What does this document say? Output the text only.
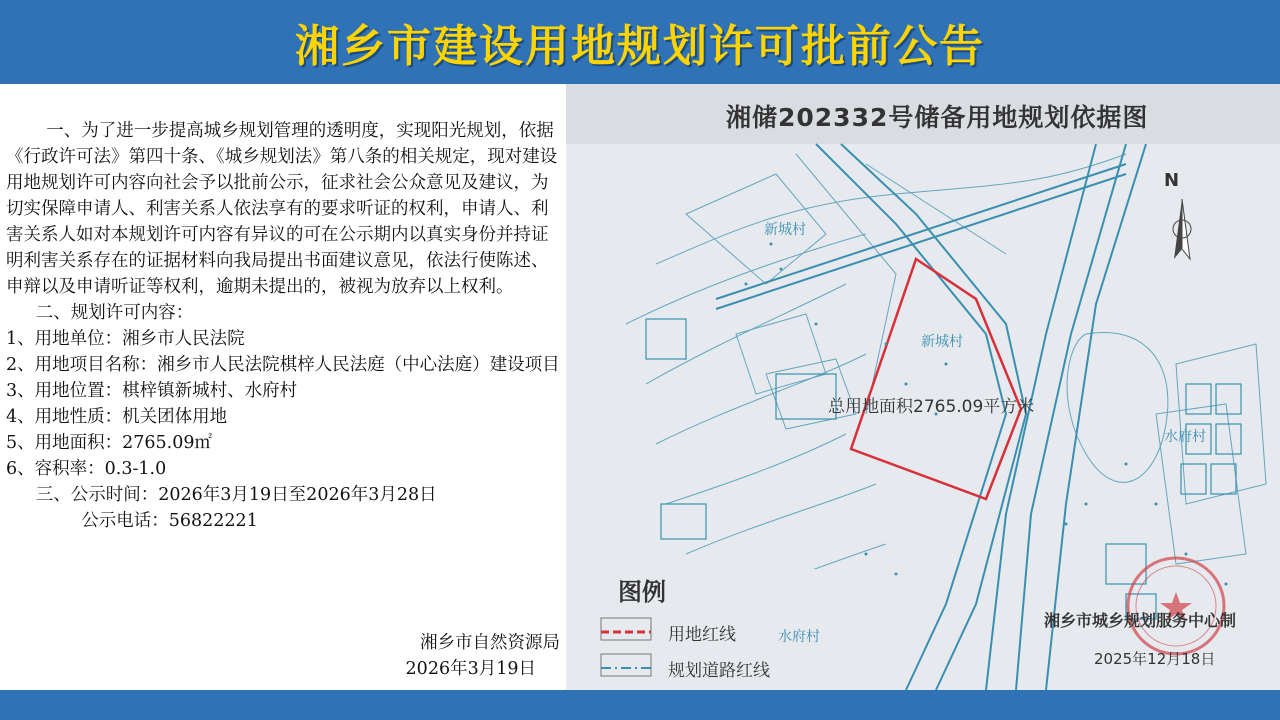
湘乡市建设用地规划许可批前公告

一、为了进一步提高城乡规划管理的透明度，实现阳光规划，依据《行政许可法》第四十条、《城乡规划法》第八条的相关规定，现对建设用地规划许可内容向社会予以批前公示，征求社会公众意见及建议，为切实保障申请人、利害关系人依法享有的要求听证的权利，申请人、利害关系人如对本规划许可内容有异议的可在公示期内以真实身份并持证明利害关系存在的证据材料向我局提出书面建议意见，依法行使陈述、申辩以及申请听证等权利，逾期未提出的，被视为放弃以上权利。

二、规划许可内容：

1、用地单位：湘乡市人民法院

2、用地项目名称：湘乡市人民法院棋梓人民法庭（中心法庭）建设项目

3、用地位置：棋梓镇新城村、水府村

4、用地性质：机关团体用地

5、用地面积：2765.09㎡

6、容积率：0.3-1.0

三、公示时间：2026年3月19日至2026年3月28日

公示电话：56822221

湘乡市自然资源局
2026年3月19日
湘储202332号储备用地规划依据图
N
新城村
新城村
水府村
水府村
总用地面积2765.09平方米
图例
用地红线
规划道路红线
湘乡市城乡规划服务中心制
2025年12月18日
